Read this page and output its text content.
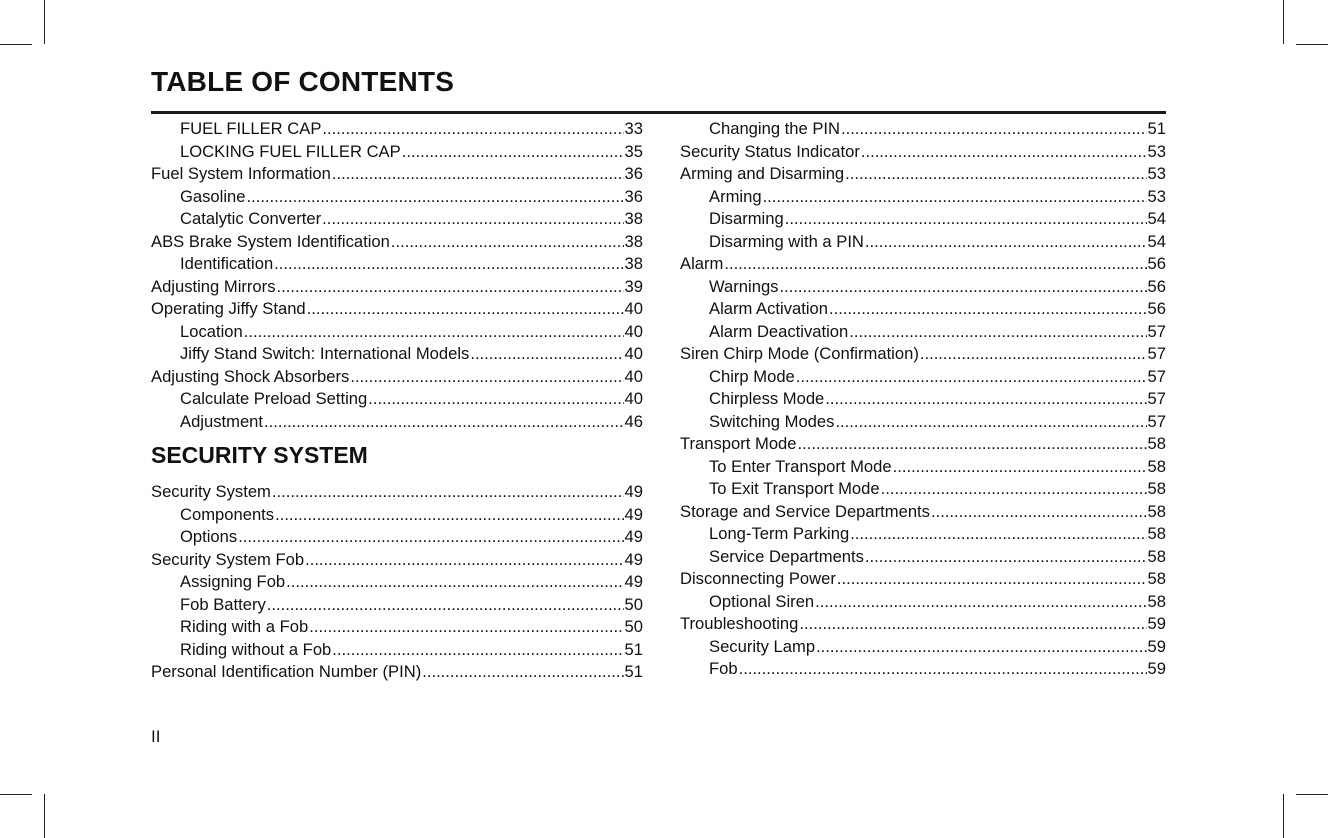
TABLE OF CONTENTS
FUEL FILLER CAP .....	33
LOCKING FUEL FILLER CAP .....	35
Fuel System Information .....	36
Gasoline .....	36
Catalytic Converter .....	38
ABS Brake System Identification .....	38
Identification .....	38
Adjusting Mirrors .....	39
Operating Jiffy Stand .....	40
Location .....	40
Jiffy Stand Switch: International Models .....	40
Adjusting Shock Absorbers .....	40
Calculate Preload Setting .....	40
Adjustment .....	46
SECURITY SYSTEM
Security System .....	49
Components .....	49
Options .....	49
Security System Fob .....	49
Assigning Fob .....	49
Fob Battery .....	50
Riding with a Fob .....	50
Riding without a Fob .....	51
Personal Identification Number (PIN) .....	51
Changing the PIN .....	51
Security Status Indicator .....	53
Arming and Disarming .....	53
Arming .....	53
Disarming .....	54
Disarming with a PIN .....	54
Alarm .....	56
Warnings .....	56
Alarm Activation .....	56
Alarm Deactivation .....	57
Siren Chirp Mode (Confirmation) .....	57
Chirp Mode .....	57
Chirpless Mode .....	57
Switching Modes .....	57
Transport Mode .....	58
To Enter Transport Mode .....	58
To Exit Transport Mode .....	58
Storage and Service Departments .....	58
Long-Term Parking .....	58
Service Departments .....	58
Disconnecting Power .....	58
Optional Siren .....	58
Troubleshooting .....	59
Security Lamp .....	59
Fob .....	59
II
